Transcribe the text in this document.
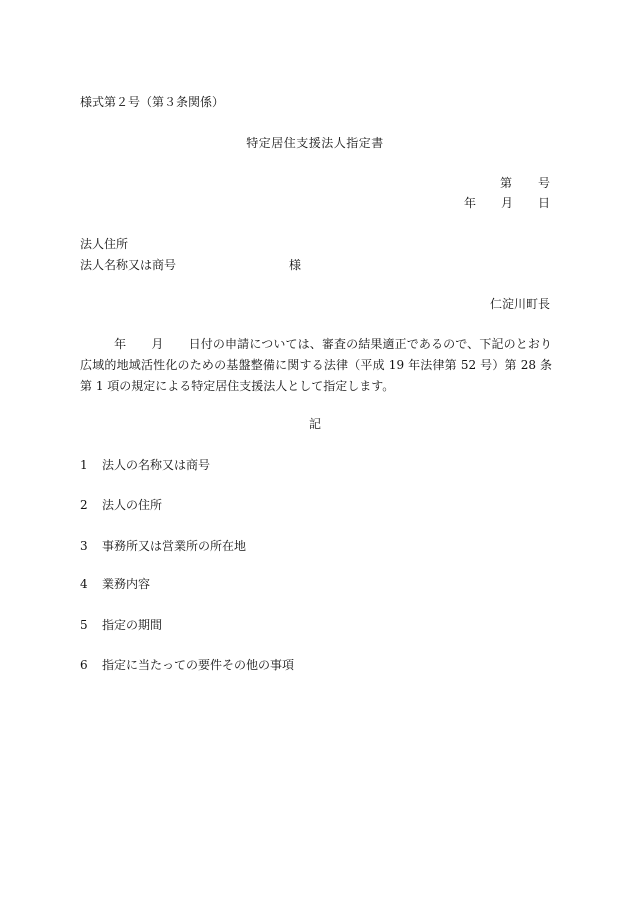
様式第２号（第３条関係）
特定居住支援法人指定書
第 号
年 月 日
法人住所
法人名称又は商号	様
仁淀川町長
年 月 日付の申請については、審査の結果適正であるので、下記のとおり広域的地域活性化のための基盤整備に関する法律（平成 19 年法律第 52 号）第 28 条第 1 項の規定による特定居住支援法人として指定します。
記
1 法人の名称又は商号
2 法人の住所
3 事務所又は営業所の所在地
4 業務内容
5 指定の期間
6 指定に当たっての要件その他の事項
